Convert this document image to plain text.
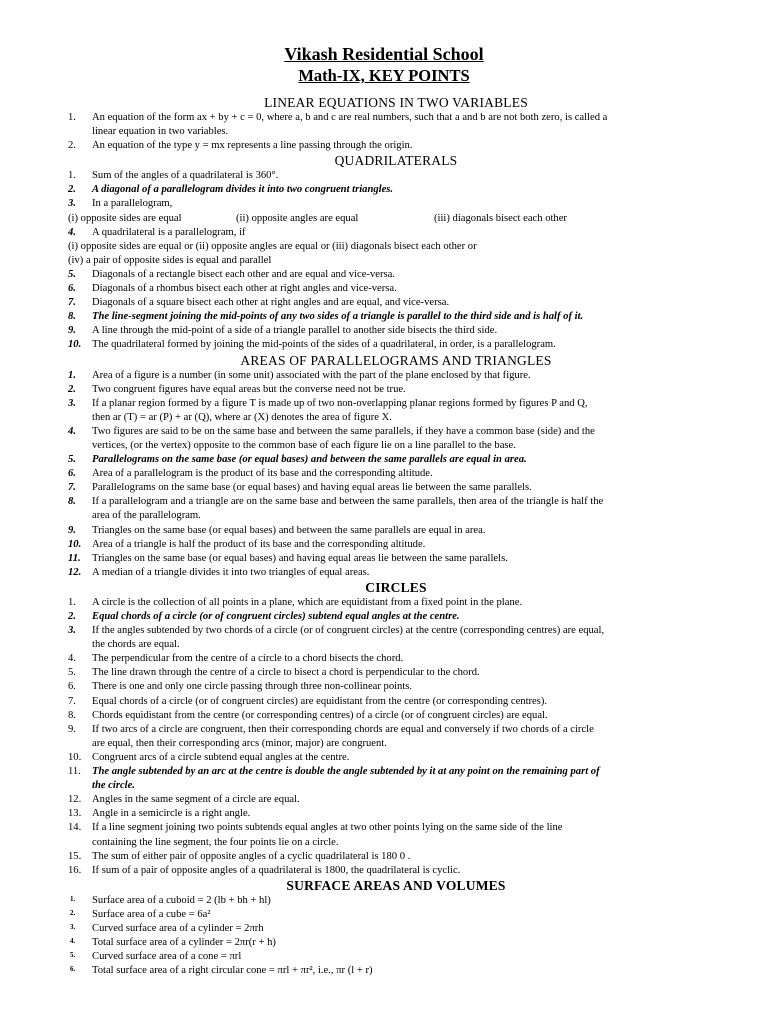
Vikash Residential School
Math-IX, KEY POINTS
LINEAR EQUATIONS IN TWO VARIABLES
1. An equation of the form ax + by + c = 0, where a, b and c are real numbers, such that a and b are not both zero, is called a
linear equation in two variables.
2. An equation of the type y = mx represents a line passing through the origin.
QUADRILATERALS
1. Sum of the angles of a quadrilateral is 360°.
2. A diagonal of a parallelogram divides it into two congruent triangles.
3. In a parallelogram,
(i) opposite sides are equal	(ii) opposite angles are equal	(iii) diagonals bisect each other
4. A quadrilateral is a parallelogram, if
(i) opposite sides are equal or (ii) opposite angles are equal or (iii) diagonals bisect each other or
(iv) a pair of opposite sides is equal and parallel
5. Diagonals of a rectangle bisect each other and are equal and vice-versa.
6. Diagonals of a rhombus bisect each other at right angles and vice-versa.
7. Diagonals of a square bisect each other at right angles and are equal, and vice-versa.
8. The line-segment joining the mid-points of any two sides of a triangle is parallel to the third side and is half of it.
9. A line through the mid-point of a side of a triangle parallel to another side bisects the third side.
10. The quadrilateral formed by joining the mid-points of the sides of a quadrilateral, in order, is a parallelogram.
AREAS OF PARALLELOGRAMS AND TRIANGLES
1. Area of a figure is a number (in some unit) associated with the part of the plane enclosed by that figure.
2. Two congruent figures have equal areas but the converse need not be true.
3. If a planar region formed by a figure T is made up of two non-overlapping planar regions formed by figures P and Q,
then ar (T) = ar (P) + ar (Q), where ar (X) denotes the area of figure X.
4. Two figures are said to be on the same base and between the same parallels, if they have a common base (side) and the
vertices, (or the vertex) opposite to the common base of each figure lie on a line parallel to the base.
5. Parallelograms on the same base (or equal bases) and between the same parallels are equal in area.
6. Area of a parallelogram is the product of its base and the corresponding altitude.
7. Parallelograms on the same base (or equal bases) and having equal areas lie between the same parallels.
8. If a parallelogram and a triangle are on the same base and between the same parallels, then area of the triangle is half the
area of the parallelogram.
9. Triangles on the same base (or equal bases) and between the same parallels are equal in area.
10. Area of a triangle is half the product of its base and the corresponding altitude.
11. Triangles on the same base (or equal bases) and having equal areas lie between the same parallels.
12. A median of a triangle divides it into two triangles of equal areas.
CIRCLES
1. A circle is the collection of all points in a plane, which are equidistant from a fixed point in the plane.
2. Equal chords of a circle (or of congruent circles) subtend equal angles at the centre.
3. If the angles subtended by two chords of a circle (or of congruent circles) at the centre (corresponding centres) are equal,
the chords are equal.
4. The perpendicular from the centre of a circle to a chord bisects the chord.
5. The line drawn through the centre of a circle to bisect a chord is perpendicular to the chord.
6. There is one and only one circle passing through three non-collinear points.
7. Equal chords of a circle (or of congruent circles) are equidistant from the centre (or corresponding centres).
8. Chords equidistant from the centre (or corresponding centres) of a circle (or of congruent circles) are equal.
9. If two arcs of a circle are congruent, then their corresponding chords are equal and conversely if two chords of a circle
are equal, then their corresponding arcs (minor, major) are congruent.
10. Congruent arcs of a circle subtend equal angles at the centre.
11. The angle subtended by an arc at the centre is double the angle subtended by it at any point on the remaining part of
the circle.
12. Angles in the same segment of a circle are equal.
13. Angle in a semicircle is a right angle.
14. If a line segment joining two points subtends equal angles at two other points lying on the same side of the line
containing the line segment, the four points lie on a circle.
15. The sum of either pair of opposite angles of a cyclic quadrilateral is 180 0 .
16. If sum of a pair of opposite angles of a quadrilateral is 1800, the quadrilateral is cyclic.
SURFACE AREAS AND VOLUMES
1. Surface area of a cuboid = 2 (lb + bh + hl)
2. Surface area of a cube = 6a²
3. Curved surface area of a cylinder = 2πrh
4. Total surface area of a cylinder = 2πr(r + h)
5. Curved surface area of a cone = πrl
6. Total surface area of a right circular cone = πrl + πr², i.e., πr (l + r)
